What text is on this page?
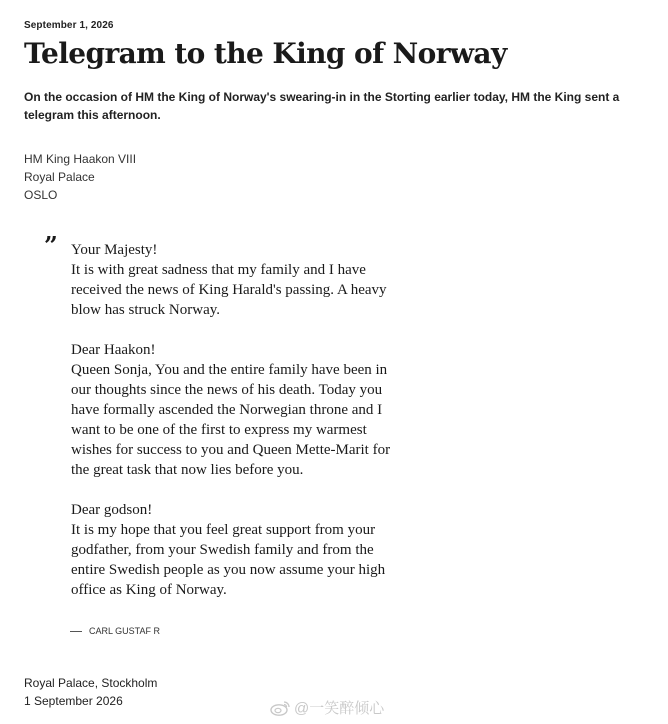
September 1, 2026
Telegram to the King of Norway

On the occasion of HM the King of Norway's swearing-in in the Storting earlier today, HM the King sent a telegram this afternoon.

HM King Haakon VIII
Royal Palace
OSLO
” Your Majesty!
It is with great sadness that my family and I have
received the news of King Harald's passing. A heavy
blow has struck Norway.

Dear Haakon!
Queen Sonja, You and the entire family have been in
our thoughts since the news of his death. Today you
have formally ascended the Norwegian throne and I
want to be one of the first to express my warmest
wishes for success to you and Queen Mette-Marit for
the great task that now lies before you.

Dear godson!
It is my hope that you feel great support from your
godfather, from your Swedish family and from the
entire Swedish people as you now assume your high
office as King of Norway.

CARL GUSTAF R
Royal Palace, Stockholm
1 September 2026	@一笑醉倾心
